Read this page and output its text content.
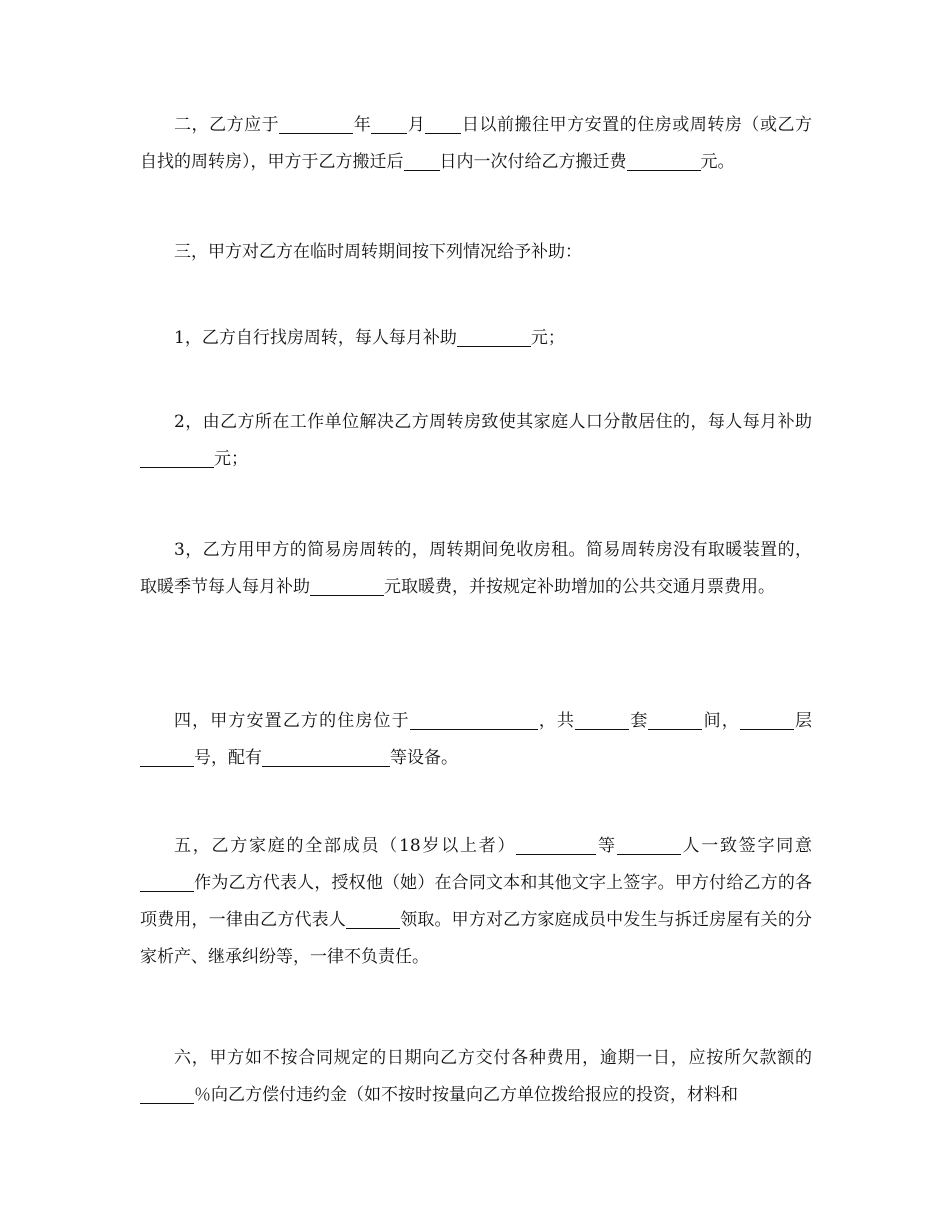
二，乙方应于	年 月 日以前搬往甲方安置的住房或周转房（或乙方自找的周转房），甲方于乙方搬迁后 日内一次付给乙方搬迁费	元。

三，甲方对乙方在临时周转期间按下列情况给予补助：

1，乙方自行找房周转，每人每月补助	元；

2，由乙方所在工作单位解决乙方周转房致使其家庭人口分散居住的，每人每月补助元；

3，乙方用甲方的简易房周转的，周转期间免收房租。简易周转房没有取暖装置的，取暖季节每人每月补助	元取暖费，并按规定补助增加的公共交通月票费用。

四，甲方安置乙方的住房位于	，共	套	间，	层号，配有	等设备。

五，乙方家庭的全部成员（18岁以上者）	等	人一致签字同意作为乙方代表人，授权他（她）在合同文本和其他文字上签字。甲方付给乙方的各项费用，一律由乙方代表人	领取。甲方对乙方家庭成员中发生与拆迁房屋有关的分家析产、继承纠纷等，一律不负责任。

六，甲方如不按合同规定的日期向乙方交付各种费用，逾期一日，应按所欠款额的％向乙方偿付违约金（如不按时按量向乙方单位拨给报应的投资，材料和
